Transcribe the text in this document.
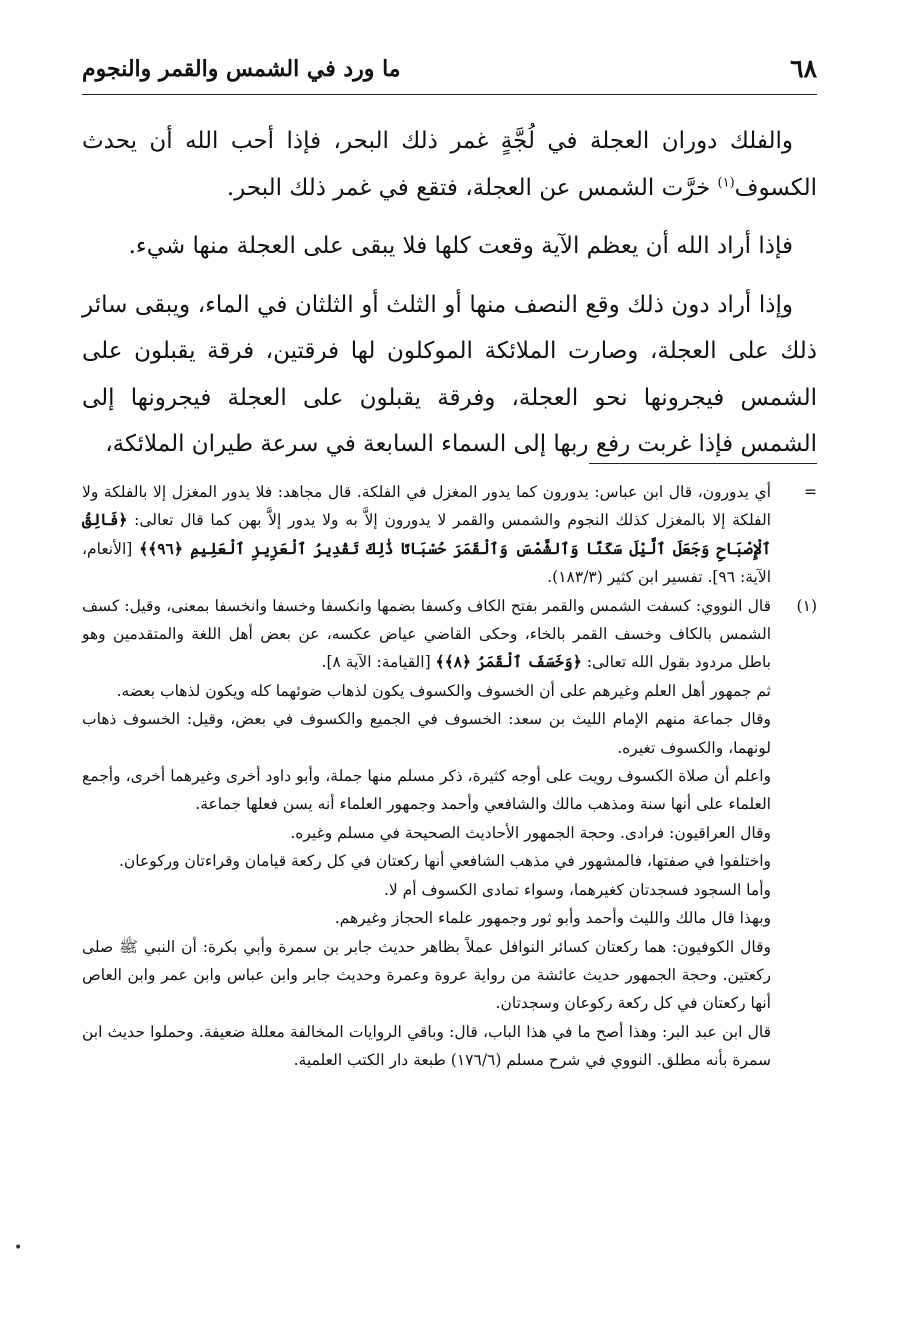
٦٨
ما ورد في الشمس والقمر والنجوم

والفلك دوران العجلة في لُجَّةٍ غمر ذلك البحر، فإذا أحب الله أن يحدث الكسوف$^{(١)}$ خرَّت الشمس عن العجلة، فتقع في غمر ذلك البحر.

فإذا أراد الله أن يعظم الآية وقعت كلها فلا يبقى على العجلة منها شيء.

وإذا أراد دون ذلك وقع النصف منها أو الثلث أو الثلثان في الماء، ويبقى سائر ذلك على العجلة، وصارت الملائكة الموكلون لها فرقتين، فرقة يقبلون على الشمس فيجرونها نحو العجلة، وفرقة يقبلون على العجلة فيجرونها إلى الشمس فإذا غربت رفع ربها إلى السماء السابعة في سرعة طيران الملائكة،

=
أي يدورون، قال ابن عباس: يدورون كما يدور المغزل في الفلكة. قال مجاهد: فلا يدور المغزل إلا بالفلكة ولا الفلكة إلا بالمغزل كذلك النجوم والشمس والقمر لا يدورون إلاَّ به ولا يدور إلاَّ بهن كما قال تعالى: ﴿فَالِقُ ٱلْإِصْبَاحِ وَجَعَلَ ٱلَّيْلَ سَكَنًا وَٱلشَّمْسَ وَٱلْقَمَرَ حُسْبَانًا ذَٰلِكَ تَقْدِيرُ ٱلْعَزِيزِ ٱلْعَلِيمِ ﴿٩٦﴾﴾ [الأنعام، الآية: ٩٦]. تفسير ابن كثير (١٨٣/٣).

(١)
قال النووي: كسفت الشمس والقمر بفتح الكاف وكسفا بضمها وانكسفا وخسفا وانخسفا بمعنى، وقيل: كسف الشمس بالكاف وخسف القمر بالخاء، وحكى القاضي عياض عكسه، عن بعض أهل اللغة والمتقدمين وهو باطل مردود بقول الله تعالى: ﴿وَخَسَفَ ٱلْقَمَرُ ﴿٨﴾﴾ [القيامة: الآية ٨].

ثم جمهور أهل العلم وغيرهم على أن الخسوف والكسوف يكون لذهاب ضوئهما كله ويكون لذهاب بعضه.

وقال جماعة منهم الإمام الليث بن سعد: الخسوف في الجميع والكسوف في بعض، وقيل: الخسوف ذهاب لونهما، والكسوف تغيره.

واعلم أن صلاة الكسوف رويت على أوجه كثيرة، ذكر مسلم منها جملة، وأبو داود أخرى وغيرهما أخرى، وأجمع العلماء على أنها سنة ومذهب مالك والشافعي وأحمد وجمهور العلماء أنه يسن فعلها جماعة.

وقال العراقيون: فرادى. وحجة الجمهور الأحاديث الصحيحة في مسلم وغيره.

واختلفوا في صفتها، فالمشهور في مذهب الشافعي أنها ركعتان في كل ركعة قيامان وقراءتان وركوعان.

وأما السجود فسجدتان كغيرهما، وسواء تمادى الكسوف أم لا.

وبهذا قال مالك والليث وأحمد وأبو ثور وجمهور علماء الحجاز وغيرهم.

وقال الكوفيون: هما ركعتان كسائر النوافل عملاً بظاهر حديث جابر بن سمرة وأبي بكرة: أن النبي ﷺ صلى ركعتين. وحجة الجمهور حديث عائشة من رواية عروة وعمرة وحديث جابر وابن عباس وابن عمر وابن العاص أنها ركعتان في كل ركعة ركوعان وسجدتان.

قال ابن عبد البر: وهذا أصح ما في هذا الباب، قال: وباقي الروايات المخالفة معللة ضعيفة. وحملوا حديث ابن سمرة بأنه مطلق. النووي في شرح مسلم (١٧٦/٦) طبعة دار الكتب العلمية.

•
